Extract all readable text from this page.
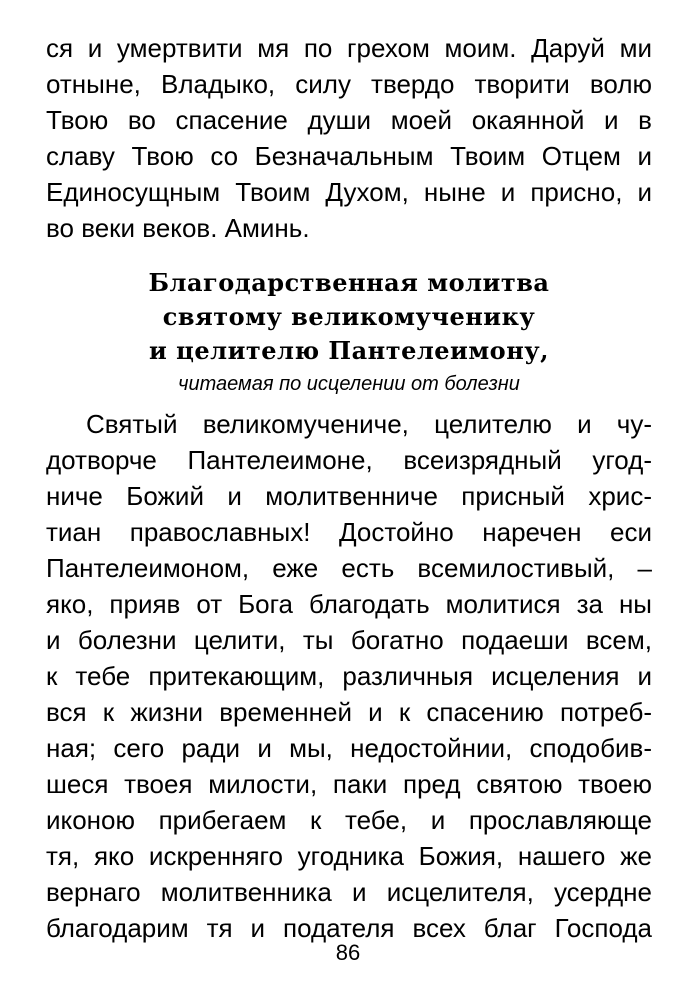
ся и умертвити мя по грехом моим. Даруй ми
отныне, Владыко, силу твердо творити волю
Твою во спасение души моей окаянной и в
славу Твою со Безначальным Твоим Отцем и
Единосущным Твоим Духом, ныне и присно, и
во веки веков. Аминь.

Благодарственная молитва
святому великомученику
и целителю Пантелеимону,
читаемая по исцелении от болезни

Святый великомучениче, целителю и чу-
дотворче Пантелеимоне, всеизрядный угод-
ниче Божий и молитвенниче присный хрис-
тиан православных! Достойно наречен еси
Пантелеимоном, еже есть всемилостивый, –
яко, прияв от Бога благодать молитися за ны
и болезни целити, ты богатно подаеши всем,
к тебе притекающим, различныя исцеления и
вся к жизни временней и к спасению потреб-
ная; сего ради и мы, недостойнии, сподобив-
шеся твоея милости, паки пред святою твоею
иконою прибегаем к тебе, и прославляюще
тя, яко искренняго угодника Божия, нашего же
вернаго молитвенника и исцелителя, усердне
благодарим тя и подателя всех благ Господа

86
